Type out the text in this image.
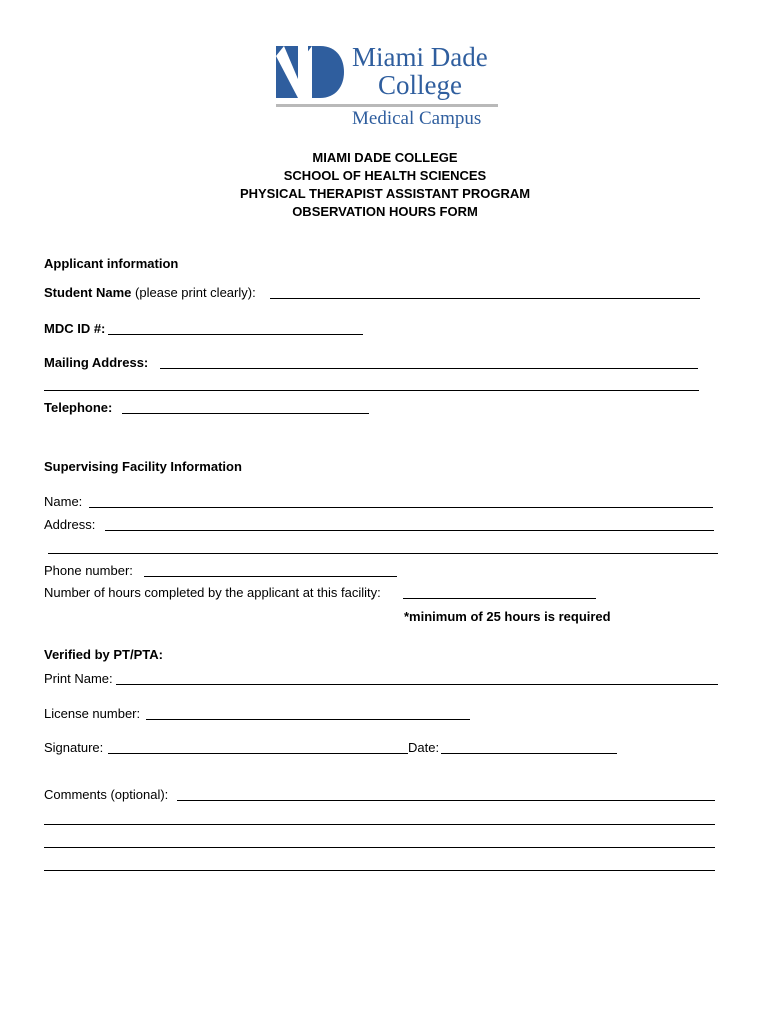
Miami Dade
College
Medical Campus
MIAMI DADE COLLEGE
SCHOOL OF HEALTH SCIENCES
PHYSICAL THERAPIST ASSISTANT PROGRAM
OBSERVATION HOURS FORM
Applicant information
Student Name (please print clearly):
MDC ID #:
Mailing Address:
Telephone:
Supervising Facility Information
Name:
Address:
Phone number:
Number of hours completed by the applicant at this facility:
*minimum of 25 hours is required
Verified by PT/PTA:
Print Name:
License number:
Signature:	Date:
Comments (optional):
